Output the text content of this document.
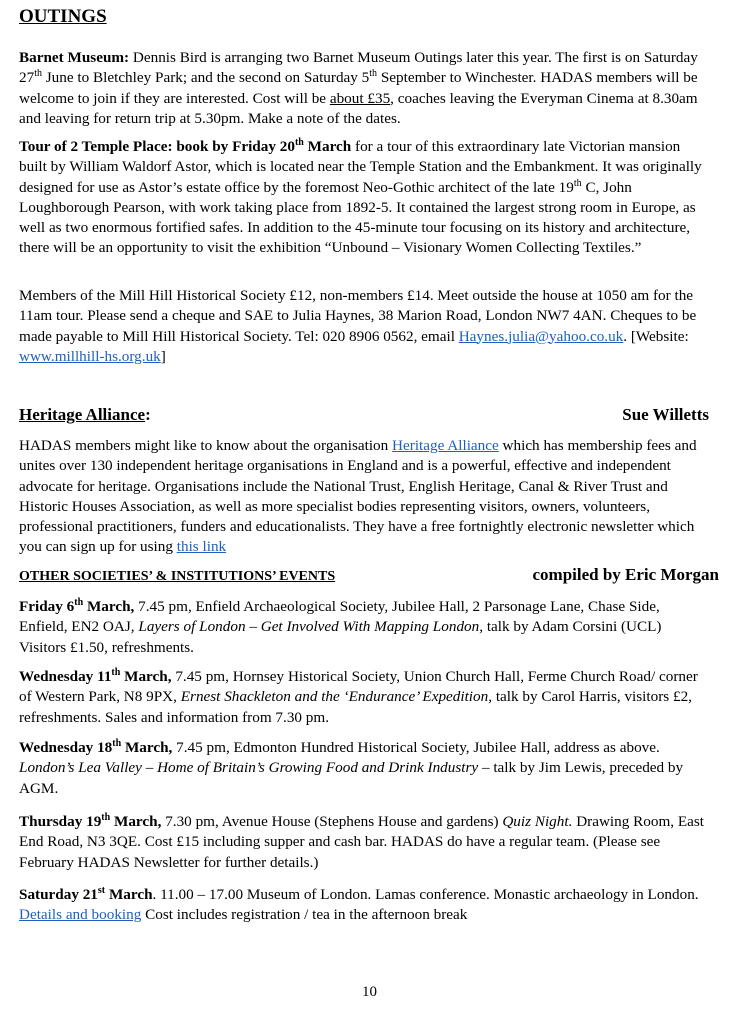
OUTINGS

Barnet Museum: Dennis Bird is arranging two Barnet Museum Outings later this year. The first is on Saturday 27th June to Bletchley Park; and the second on Saturday 5th September to Winchester. HADAS members will be welcome to join if they are interested. Cost will be about £35, coaches leaving the Everyman Cinema at 8.30am and leaving for return trip at 5.30pm. Make a note of the dates.

Tour of 2 Temple Place: book by Friday 20th March for a tour of this extraordinary late Victorian mansion built by William Waldorf Astor, which is located near the Temple Station and the Embankment. It was originally designed for use as Astor’s estate office by the foremost Neo-Gothic architect of the late 19th C, John Loughborough Pearson, with work taking place from 1892-5. It contained the largest strong room in Europe, as well as two enormous fortified safes. In addition to the 45-minute tour focusing on its history and architecture, there will be an opportunity to visit the exhibition “Unbound – Visionary Women Collecting Textiles.”

Members of the Mill Hill Historical Society £12, non-members £14. Meet outside the house at 1050 am for the 11am tour. Please send a cheque and SAE to Julia Haynes, 38 Marion Road, London NW7 4AN. Cheques to be made payable to Mill Hill Historical Society. Tel: 020 8906 0562, email Haynes.julia@yahoo.co.uk. [Website: www.millhill-hs.org.uk]

Heritage Alliance:	Sue Willetts

HADAS members might like to know about the organisation Heritage Alliance which has membership fees and unites over 130 independent heritage organisations in England and is a powerful, effective and independent advocate for heritage. Organisations include the National Trust, English Heritage, Canal & River Trust and Historic Houses Association, as well as more specialist bodies representing visitors, owners, volunteers, professional practitioners, funders and educationalists. They have a free fortnightly electronic newsletter which you can sign up for using this link

OTHER SOCIETIES’ & INSTITUTIONS’ EVENTS	compiled by Eric Morgan

Friday 6th March, 7.45 pm, Enfield Archaeological Society, Jubilee Hall, 2 Parsonage Lane, Chase Side, Enfield, EN2 OAJ, Layers of London – Get Involved With Mapping London, talk by Adam Corsini (UCL) Visitors £1.50, refreshments.

Wednesday 11th March, 7.45 pm, Hornsey Historical Society, Union Church Hall, Ferme Church Road/ corner of Western Park, N8 9PX, Ernest Shackleton and the ‘Endurance’ Expedition, talk by Carol Harris, visitors £2, refreshments. Sales and information from 7.30 pm.

Wednesday 18th March, 7.45 pm, Edmonton Hundred Historical Society, Jubilee Hall, address as above. London’s Lea Valley – Home of Britain’s Growing Food and Drink Industry – talk by Jim Lewis, preceded by AGM.

Thursday 19th March, 7.30 pm, Avenue House (Stephens House and gardens) Quiz Night. Drawing Room, East End Road, N3 3QE. Cost £15 including supper and cash bar. HADAS do have a regular team. (Please see February HADAS Newsletter for further details.)

Saturday 21st March. 11.00 – 17.00 Museum of London. Lamas conference. Monastic archaeology in London. Details and booking Cost includes registration / tea in the afternoon break

10
